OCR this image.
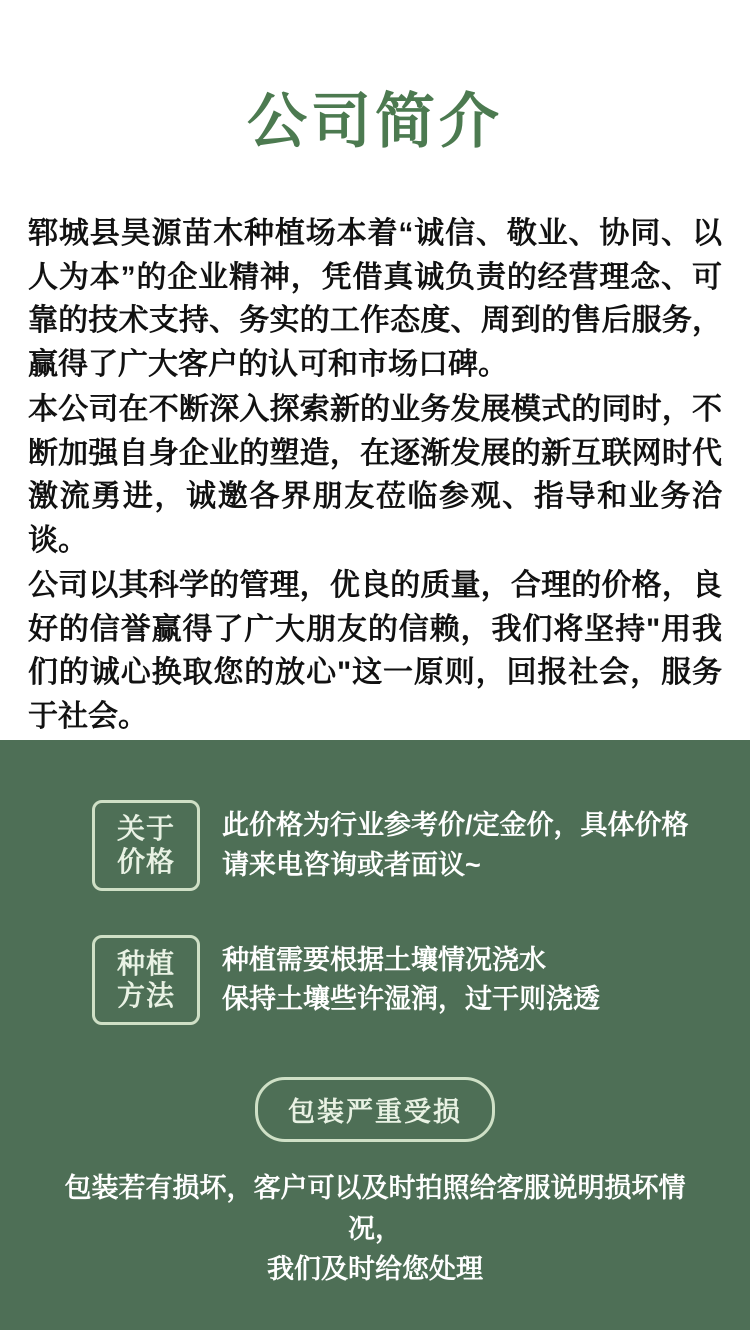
公司简介

郓城县昊源苗木种植场本着“诚信、敬业、协同、以人为本”的企业精神，凭借真诚负责的经营理念、可靠的技术支持、务实的工作态度、周到的售后服务，赢得了广大客户的认可和市场口碑。

本公司在不断深入探索新的业务发展模式的同时，不断加强自身企业的塑造，在逐渐发展的新互联网时代激流勇进，诚邀各界朋友莅临参观、指导和业务洽谈。

公司以其科学的管理，优良的质量，合理的价格，良好的信誉赢得了广大朋友的信赖，我们将坚持"用我们的诚心换取您的放心"这一原则，回报社会，服务于社会。

关于
价格
此价格为行业参考价/定金价，具体价格
请来电咨询或者面议~
种植
方法
种植需要根据土壤情况浇水
保持土壤些许湿润，过干则浇透
包装严重受损
包装若有损坏，客户可以及时拍照给客服说明损坏情况，
我们及时给您处理
